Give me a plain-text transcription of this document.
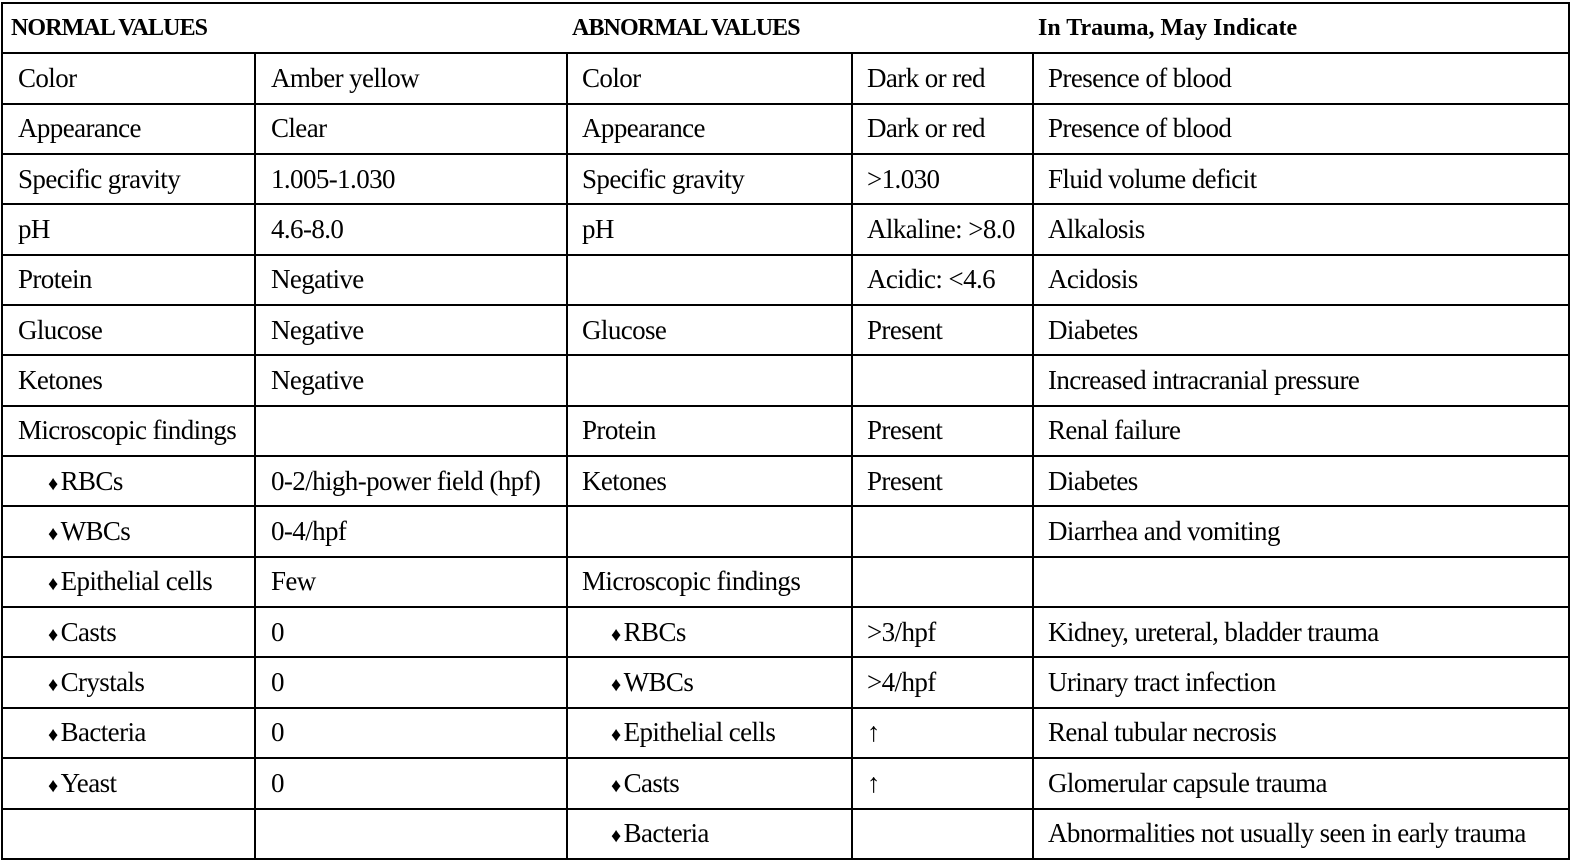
NORMAL VALUES		ABNORMAL VALUES		In Trauma, May Indicate
Color	Amber yellow	Color	Dark or red	Presence of blood
Appearance	Clear	Appearance	Dark or red	Presence of blood
Specific gravity	1.005-1.030	Specific gravity	>1.030	Fluid volume deficit
pH	4.6-8.0	pH	Alkaline: >8.0	Alkalosis
Protein	Negative		Acidic: <4.6	Acidosis
Glucose	Negative	Glucose	Present	Diabetes
Ketones	Negative			Increased intracranial pressure
Microscopic findings		Protein	Present	Renal failure
♦ RBCs	0-2/high-power field (hpf)	Ketones	Present	Diabetes
♦ WBCs	0-4/hpf			Diarrhea and vomiting
♦ Epithelial cells	Few	Microscopic findings		
♦ Casts	0	♦ RBCs	>3/hpf	Kidney, ureteral, bladder trauma
♦ Crystals	0	♦ WBCs	>4/hpf	Urinary tract infection
♦ Bacteria	0	♦ Epithelial cells	↑	Renal tubular necrosis
♦ Yeast	0	♦ Casts	↑	Glomerular capsule trauma
		♦ Bacteria		Abnormalities not usually seen in early trauma
